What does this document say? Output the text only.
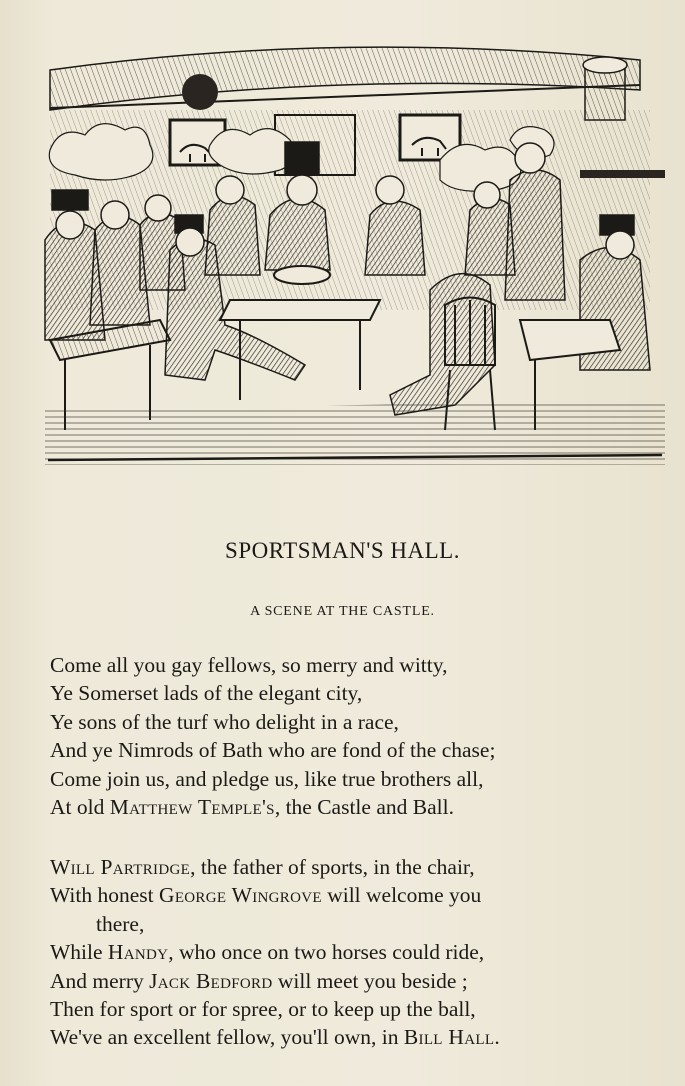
SPORTSMAN'S HALL.
A SCENE AT THE CASTLE.
Come all you gay fellows, so merry and witty,
Ye Somerset lads of the elegant city,
Ye sons of the turf who delight in a race,
And ye Nimrods of Bath who are fond of the chase;
Come join us, and pledge us, like true brothers all,
At old Matthew Temple's, the Castle and Ball.
Will Partridge, the father of sports, in the chair,
With honest George Wingrove will welcome you
there,
While Handy, who once on two horses could ride,
And merry Jack Bedford will meet you beside ;
Then for sport or for spree, or to keep up the ball,
We've an excellent fellow, you'll own, in Bill Hall.
